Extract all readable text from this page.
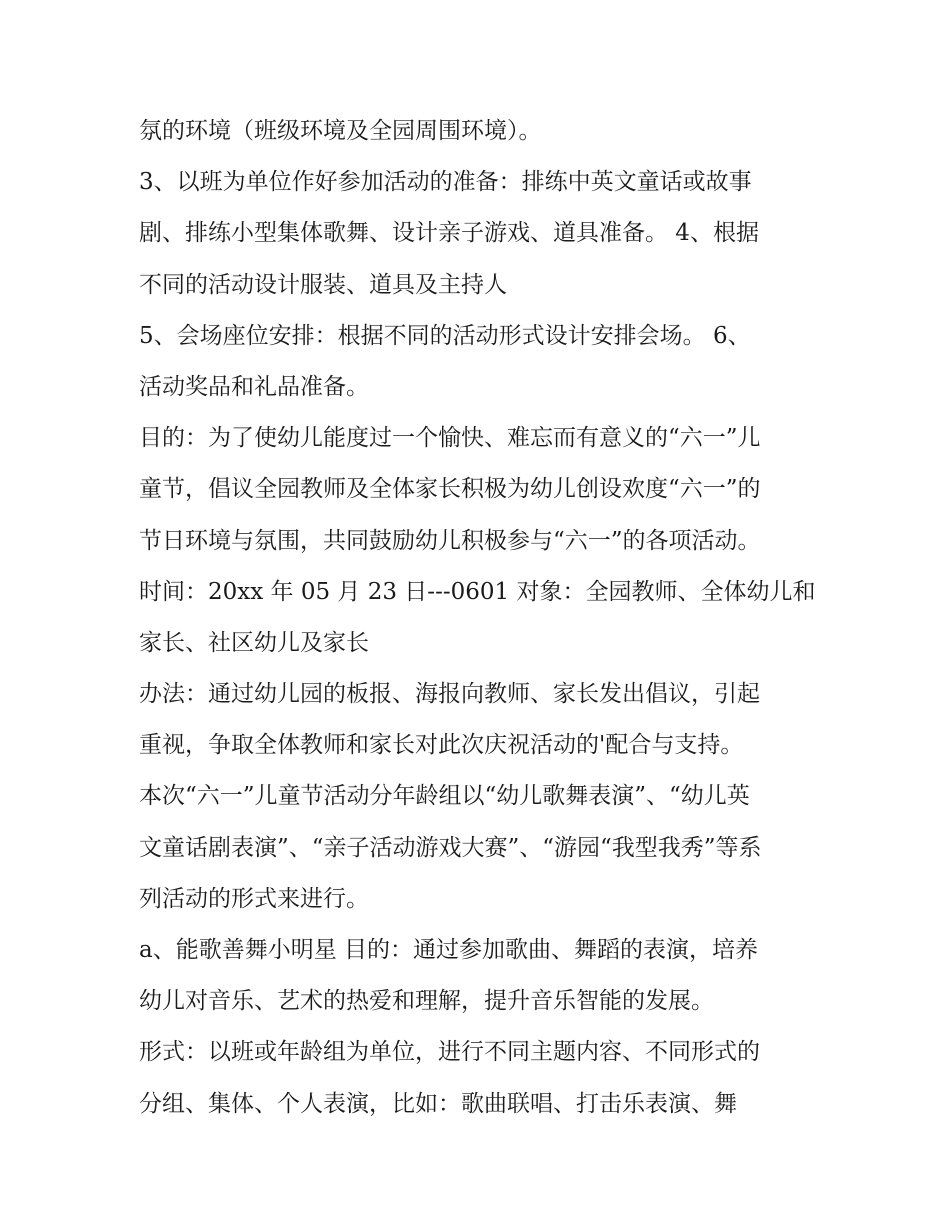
氛的环境（班级环境及全园周围环境）。
3、以班为单位作好参加活动的准备：排练中英文童话或故事
剧、排练小型集体歌舞、设计亲子游戏、道具准备。 4、根据
不同的活动设计服装、道具及主持人
5、会场座位安排：根据不同的活动形式设计安排会场。 6、
活动奖品和礼品准备。
目的：为了使幼儿能度过一个愉快、难忘而有意义的“六一”儿
童节，倡议全园教师及全体家长积极为幼儿创设欢度“六一”的
节日环境与氛围，共同鼓励幼儿积极参与“六一”的各项活动。
时间：20xx 年 05 月 23 日---0601 对象：全园教师、全体幼儿和
家长、社区幼儿及家长
办法：通过幼儿园的板报、海报向教师、家长发出倡议，引起
重视，争取全体教师和家长对此次庆祝活动的'配合与支持。
本次“六一”儿童节活动分年龄组以“幼儿歌舞表演”、“幼儿英
文童话剧表演”、“亲子活动游戏大赛”、“游园“我型我秀”等系
列活动的形式来进行。
a、能歌善舞小明星 目的：通过参加歌曲、舞蹈的表演，培养
幼儿对音乐、艺术的热爱和理解，提升音乐智能的发展。
形式：以班或年龄组为单位，进行不同主题内容、不同形式的
分组、集体、个人表演，比如：歌曲联唱、打击乐表演、舞
